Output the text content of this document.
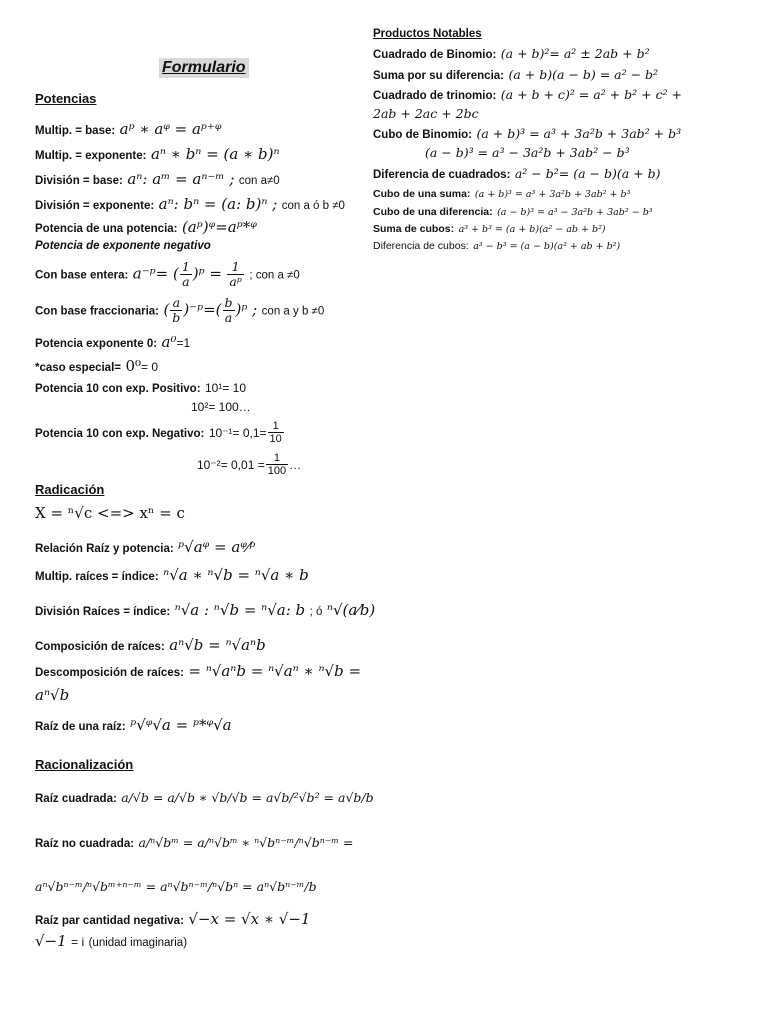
Formulario
Potencias
Multip. = base: aᵖ ∗ aᵠ = aᵖ⁺ᵠ
Multip. = exponente: aⁿ ∗ bⁿ = (a ∗ b)ⁿ
División = base: aⁿ: aᵐ = aⁿ⁻ᵐ ; con a≠0
División = exponente: aⁿ: bⁿ = (a: b)ⁿ ; con a ó b ≠0
Potencia de una potencia: (aᵖ)ᵠ=aᵖ*ᵠ
Potencia de exponente negativo
Con base entera: a⁻ᵖ= ( $\frac{1}{a}$ )ᵖ = $\frac{1}{\text{aᵖ}}$ ; con a ≠0
Con base fraccionaria: ( $\frac{a}{b}$ )⁻ᵖ=( $\frac{b}{a}$ )ᵖ ; con a y b ≠0
Potencia exponente 0: a⁰=1
*caso especial= 0⁰= 0
Potencia 10 con exp. Positivo: 10¹= 10
10²= 100…
Potencia 10 con exp. Negativo: $10^{-1}= 0,1= \frac{1}{10}$
$10^{-2}= 0,01 = \frac{1}{100}$ …
Radicación
X = ⁿ√c <=> xⁿ = c
Relación Raíz y potencia: ᵖ√aᵠ = aᵠ⁄ᵖ
Multip. raíces = índice: ⁿ√a ∗ ⁿ√b = ⁿ√a ∗ b
División Raíces = índice: ⁿ√a : ⁿ√b = ⁿ√a: b ; ó ⁿ√(a⁄b)
Composición de raíces: aⁿ√b = ⁿ√aⁿb
Descomposición de raíces: = ⁿ√aⁿb = ⁿ√aⁿ ∗ ⁿ√b =
aⁿ√b
Raíz de una raíz: ᵖ√ᵠ√a = ᵖ*ᵠ√a
Racionalización
Raíz cuadrada: a/√b = a/√b ∗ √b/√b = a√b/²√b² = a√b/b
Raíz no cuadrada: a/ⁿ√bᵐ = a/ⁿ√bᵐ ∗ ⁿ√bⁿ⁻ᵐ/ⁿ√bⁿ⁻ᵐ =
aⁿ√bⁿ⁻ᵐ/ⁿ√bᵐ⁺ⁿ⁻ᵐ = aⁿ√bⁿ⁻ᵐ/ⁿ√bⁿ = aⁿ√bⁿ⁻ᵐ/b
Raíz par cantidad negativa: √−x = √x ∗ √−1
√−1 = i (unidad imaginaria)
Productos Notables
Cuadrado de Binomio: (a + b)²= a² ± 2ab + b²
Suma por su diferencia: (a + b)(a − b) = a² − b²
Cuadrado de trinomio: (a + b + c)² = a² + b² + c² +
2ab + 2ac + 2bc
Cubo de Binomio: (a + b)³ = a³ + 3a²b + 3ab² + b³
(a − b)³ = a³ − 3a²b + 3ab² − b³
Diferencia de cuadrados: a² − b²= (a − b)(a + b)
Cubo de una suma: (a + b)³ = a³ + 3a²b + 3ab² + b³
Cubo de una diferencia: (a − b)³ = a³ − 3a²b + 3ab² − b³
Suma de cubos: a³ + b³ = (a + b)(a² − ab + b²)
Diferencia de cubos: a³ − b³ = (a − b)(a² + ab + b²)
